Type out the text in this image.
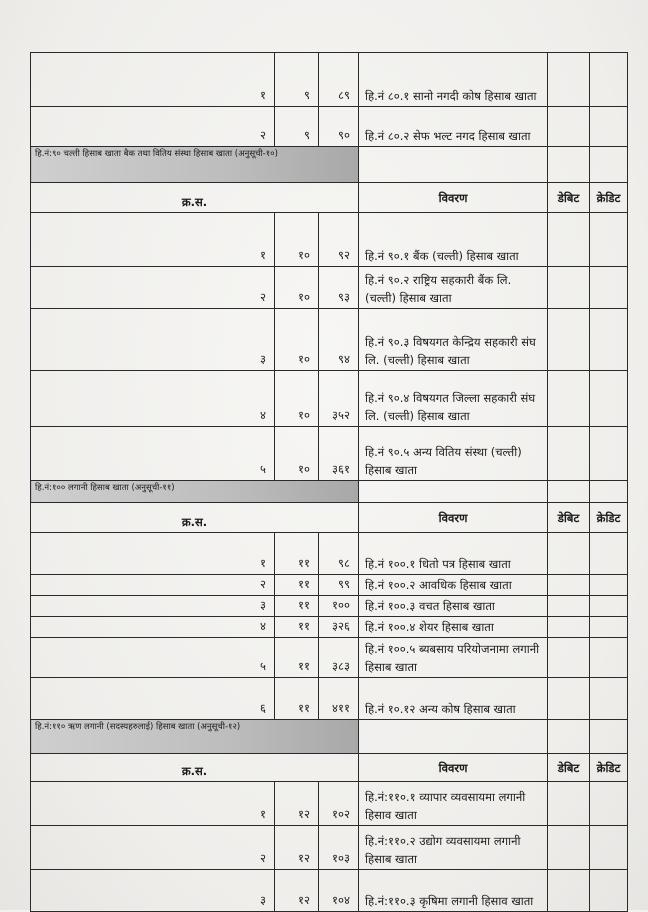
१	९	८९	हि.नं ८०.१ सानो नगदी कोष हिसाब खाता		
२	९	९०	हि.नं ८०.२ सेफ भल्ट नगद हिसाब खाता		
हि.नं:९० चल्ती हिसाब खाता बैक तथा वितिय संस्था हिसाब खाता (अनुसूची-१०)					
क्र.स.			विवरण	डेबिट	क्रेडिट
१	१०	९२	हि.नं ९०.१ बैंक (चल्ती) हिसाब खाता		
२	१०	९३	हि.नं ९०.२ राष्ट्रिय सहकारी बैंक लि. (चल्ती) हिसाब खाता		
३	१०	९४	हि.नं ९०.३ विषयगत केन्द्रिय सहकारी संघ लि. (चल्ती) हिसाब खाता		
४	१०	३५२	हि.नं ९०.४ विषयगत जिल्ला सहकारी संघ लि. (चल्ती) हिसाब खाता		
५	१०	३६१	हि.नं ९०.५ अन्य वितिय संस्था (चल्ती) हिसाब खाता		
हि.नं:१०० लगानी हिसाब खाता (अनुसूची-११)					
क्र.स.			विवरण	डेबिट	क्रेडिट
१	११	९८	हि.नं १००.१ धितो पत्र हिसाब खाता		
२	११	९९	हि.नं १००.२ आवधिक हिसाब खाता		
३	११	१००	हि.नं १००.३ वचत हिसाब खाता		
४	११	३२६	हि.नं १००.४ शेयर हिसाब खाता		
५	११	३८३	हि.नं १००.५ ब्यबसाय परियोजनामा लगानी हिसाब खाता		
६	११	४११	हि.नं १०.१२ अन्य कोष हिसाब खाता		
हि.नं:११० ऋण लगानी (सदस्यहरुलाई) हिसाब खाता (अनुसूची-१२)					
क्र.स.			विवरण	डेबिट	क्रेडिट
१	१२	१०२	हि.नं:११०.१ व्यापार व्यवसायमा लगानी हिसाव खाता		
२	१२	१०३	हि.नं:११०.२ उद्योग व्यवसायमा लगानी हिसाब खाता		
३	१२	१०४	हि.नं:११०.३ कृषिमा लगानी हिसाव खाता		
